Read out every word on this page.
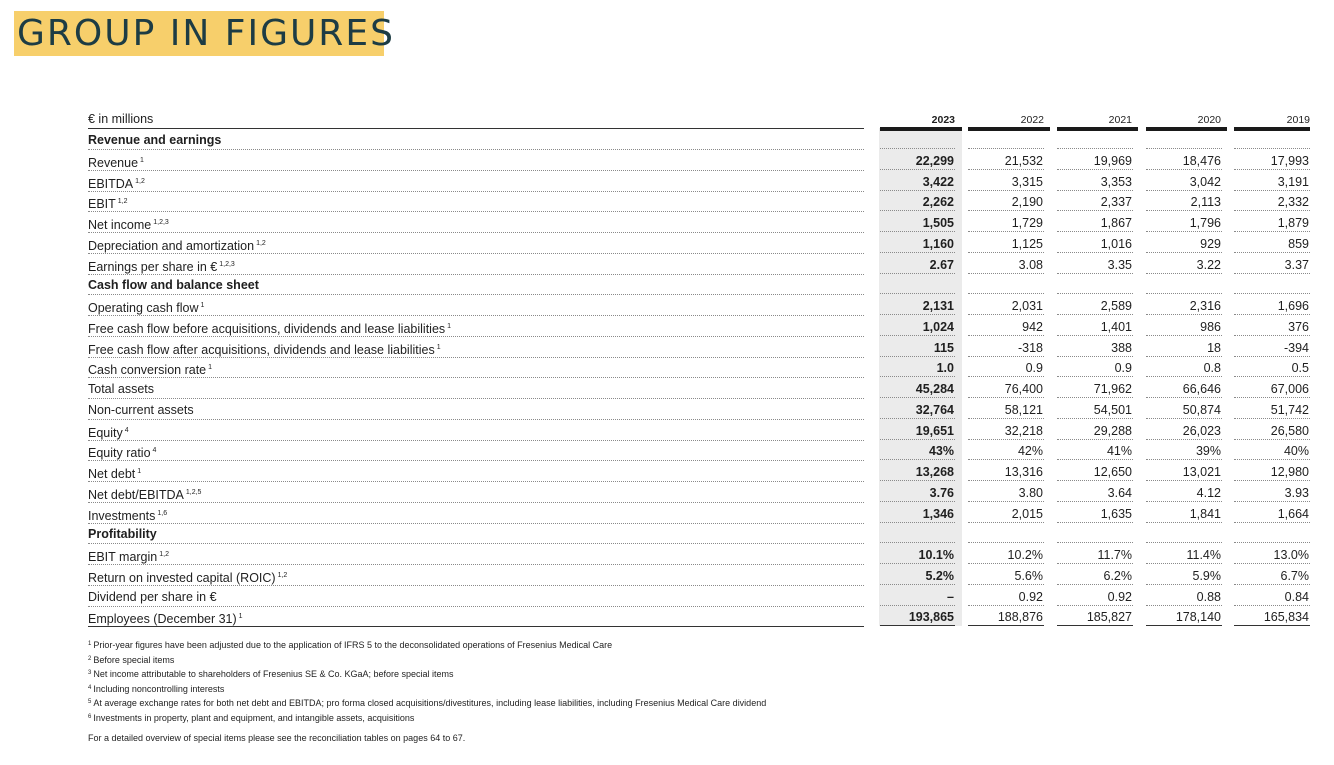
GROUP IN FIGURES
€ in millions	2023	2022	2021	2020	2019
Revenue and earnings
Revenue $^1$	22,299	21,532	19,969	18,476	17,993
EBITDA $^{1,2}$	3,422	3,315	3,353	3,042	3,191
EBIT $^{1,2}$	2,262	2,190	2,337	2,113	2,332
Net income $^{1,2,3}$	1,505	1,729	1,867	1,796	1,879
Depreciation and amortization $^{1,2}$	1,160	1,125	1,016	929	859
Earnings per share in € $^{1,2,3}$	2.67	3.08	3.35	3.22	3.37
Cash flow and balance sheet
Operating cash flow $^1$	2,131	2,031	2,589	2,316	1,696
Free cash flow before acquisitions, dividends and lease liabilities $^1$	1,024	942	1,401	986	376
Free cash flow after acquisitions, dividends and lease liabilities $^1$	115	-318	388	18	-394
Cash conversion rate $^1$	1.0	0.9	0.9	0.8	0.5
Total assets	45,284	76,400	71,962	66,646	67,006
Non-current assets	32,764	58,121	54,501	50,874	51,742
Equity $^4$	19,651	32,218	29,288	26,023	26,580
Equity ratio $^4$	43%	42%	41%	39%	40%
Net debt $^1$	13,268	13,316	12,650	13,021	12,980
Net debt/EBITDA $^{1,2,5}$	3.76	3.80	3.64	4.12	3.93
Investments $^{1,6}$	1,346	2,015	1,635	1,841	1,664
Profitability
EBIT margin $^{1,2}$	10.1%	10.2%	11.7%	11.4%	13.0%
Return on invested capital (ROIC) $^{1,2}$	5.2%	5.6%	6.2%	5.9%	6.7%
Dividend per share in €	–	0.92	0.92	0.88	0.84
Employees (December 31) $^1$	193,865	188,876	185,827	178,140	165,834
$^1$ Prior-year figures have been adjusted due to the application of IFRS 5 to the deconsolidated operations of Fresenius Medical Care
$^2$ Before special items
$^3$ Net income attributable to shareholders of Fresenius SE & Co. KGaA; before special items
$^4$ Including noncontrolling interests
$^5$ At average exchange rates for both net debt and EBITDA; pro forma closed acquisitions/divestitures, including lease liabilities, including Fresenius Medical Care dividend
$^6$ Investments in property, plant and equipment, and intangible assets, acquisitions
For a detailed overview of special items please see the reconciliation tables on pages 64 to 67.
